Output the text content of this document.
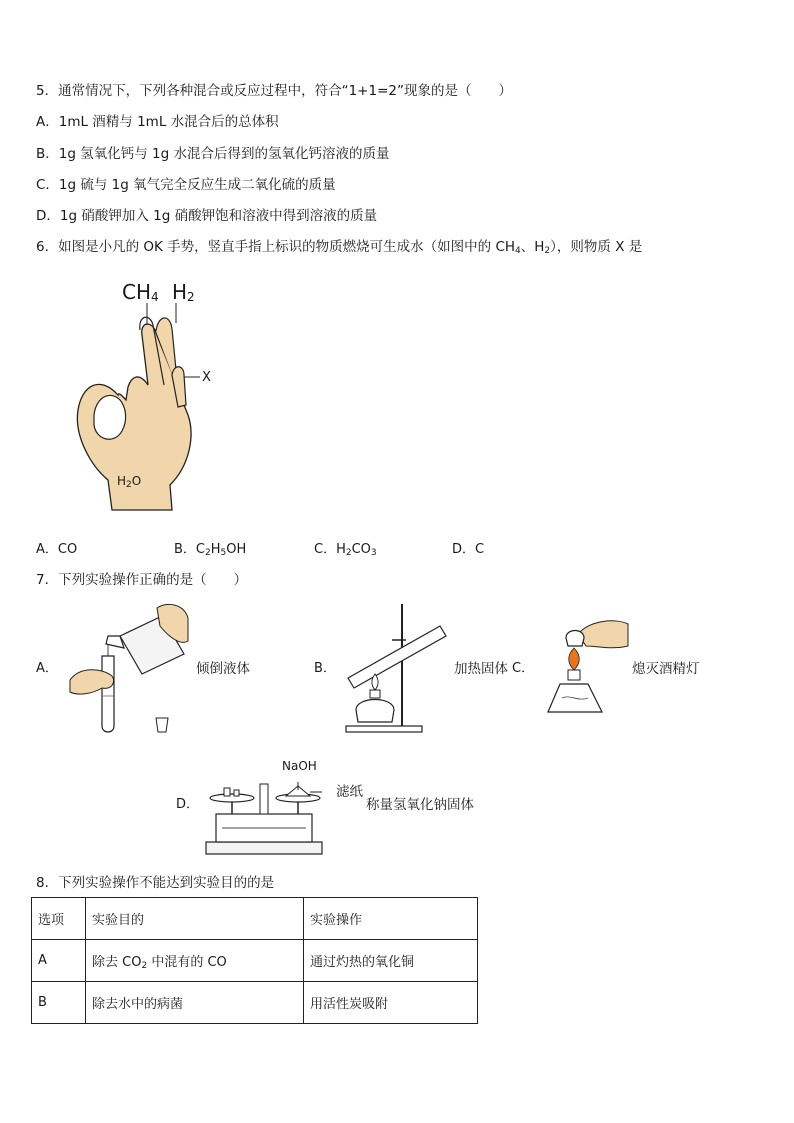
5．通常情况下，下列各种混合或反应过程中，符合“1+1=2”现象的是（　　）
A．1mL 酒精与 1mL 水混合后的总体积
B．1g 氢氧化钙与 1g 水混合后得到的氢氧化钙溶液的质量
C．1g 硫与 1g 氧气完全反应生成二氧化硫的质量
D．1g 硝酸钾加入 1g 硝酸钾饱和溶液中得到溶液的质量
6．如图是小凡的 OK 手势，竖直手指上标识的物质燃烧可生成水（如图中的 $CH_4$、$H_2$），则物质 X 是
$CH_4$ $H_2$
X
$H_2O$
A．CO	B．$C_2H_5OH$	C．$H_2CO_3$	D．C
7．下列实验操作正确的是（　　）
A．	倾倒液体	B．	加热固体 C．	熄灭酒精灯
D．
NaOH
滤纸
称量氢氧化钠固体
8．下列实验操作不能达到实验目的的是
选项	实验目的	实验操作
A	除去 $CO_2$ 中混有的 CO	通过灼热的氧化铜
B	除去水中的病菌	用活性炭吸附
